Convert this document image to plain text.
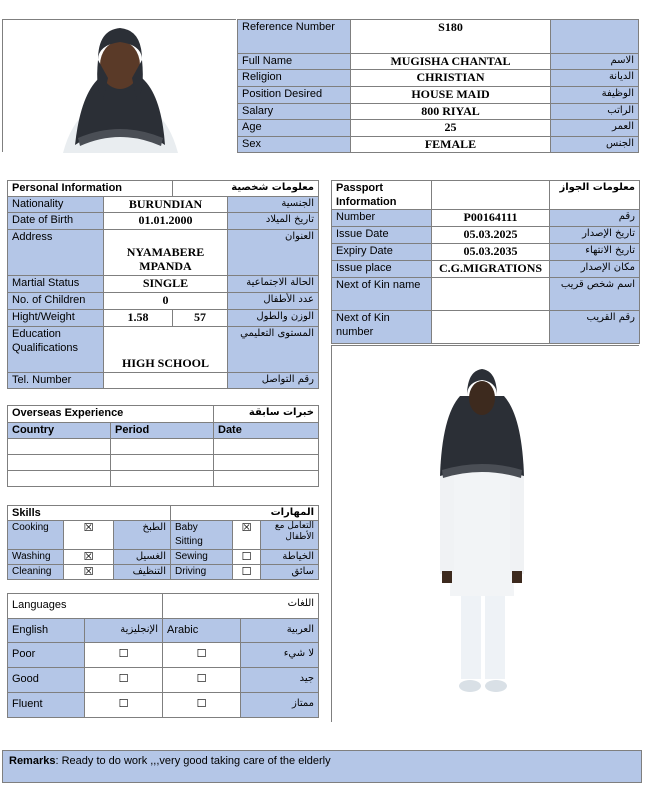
Reference Number	S180	
Full Name	MUGISHA CHANTAL	الاسم
Religion	CHRISTIAN	الديانة
Position Desired	HOUSE MAID	الوظيفة
Salary	800 RIYAL	الراتب
Age	25	العمر
Sex	FEMALE	الجنس
Personal Information		معلومات شخصية	
Nationality	BURUNDIAN		الجنسية
Date of Birth	01.01.2000		تاريخ الميلاد
Address	NYAMABERE MPANDA		العنوان
Martial Status	SINGLE		الحالة الاجتماعية
No. of Children	0		عدد الأطفال
Hight/Weight	1.58	57	الوزن والطول
Education Qualifications	HIGH SCHOOL		المستوى التعليمي
Tel. Number			رقم التواصل
Passport Information		معلومات الجواز
Number	P00164111	رقم
Issue Date	05.03.2025	تاريخ الإصدار
Expiry Date	05.03.2035	تاريخ الانتهاء
Issue place	C.G.MIGRATIONS	مكان الإصدار
Next of Kin name		اسم شخص قريب
Next of Kin number		رقم القريب
Overseas Experience		خبرات سابقة
Country	Period	Date

Skills			المهارات		
Cooking	☒	الطبخ	Baby Sitting	☒	التعامل مع الأطفال
Washing	☒	الغسيل	Sewing	☐	الخياطة
Cleaning	☒	التنظيف	Driving	☐	سائق
Languages		اللغات	
English	الإنجليزية	Arabic	العربية
Poor	☐	☐	لا شيء
Good	☐	☐	جيد
Fluent	☐	☐	ممتاز
Remarks: Ready to do work ,,,very good taking care of the elderly
